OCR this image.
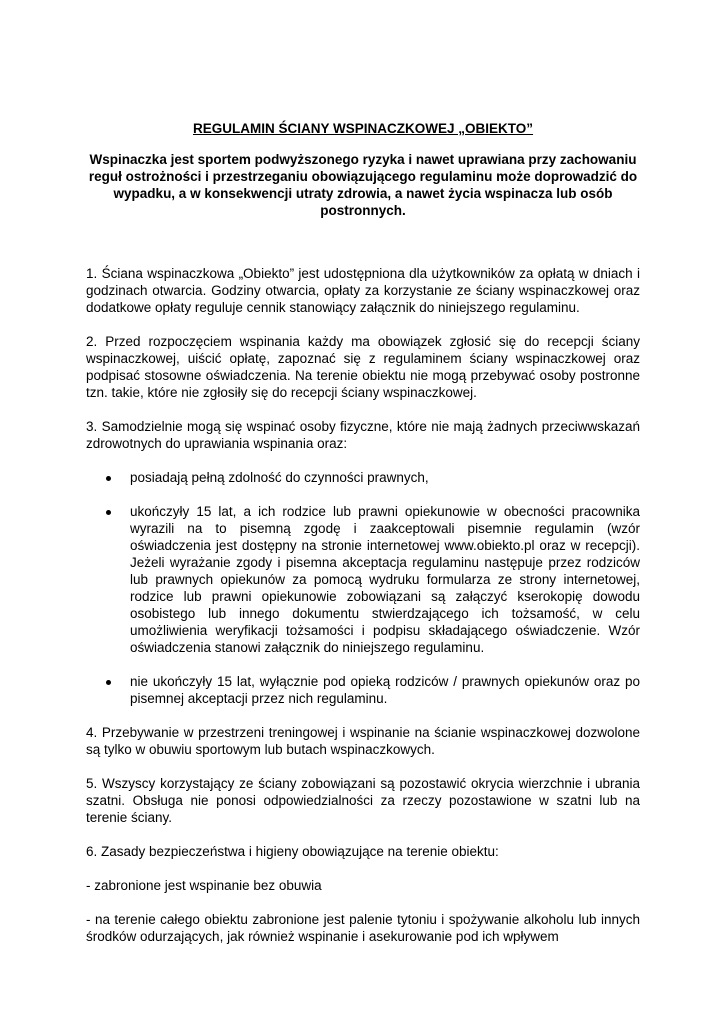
REGULAMIN ŚCIANY WSPINACZKOWEJ „OBIEKTO”

Wspinaczka jest sportem podwyższonego ryzyka i nawet uprawiana przy zachowaniu reguł ostrożności i przestrzeganiu obowiązującego regulaminu może doprowadzić do wypadku, a w konsekwencji utraty zdrowia, a nawet życia wspinacza lub osób postronnych.

1. Ściana wspinaczkowa „Obiekto” jest udostępniona dla użytkowników za opłatą w dniach i godzinach otwarcia. Godziny otwarcia, opłaty za korzystanie ze ściany wspinaczkowej oraz dodatkowe opłaty reguluje cennik stanowiący załącznik do niniejszego regulaminu.

2. Przed rozpoczęciem wspinania każdy ma obowiązek zgłosić się do recepcji ściany wspinaczkowej, uiścić opłatę, zapoznać się z regulaminem ściany wspinaczkowej oraz podpisać stosowne oświadczenia. Na terenie obiektu nie mogą przebywać osoby postronne tzn. takie, które nie zgłosiły się do recepcji ściany wspinaczkowej.

3. Samodzielnie mogą się wspinać osoby fizyczne, które nie mają żadnych przeciwwskazań zdrowotnych do uprawiania wspinania oraz:

posiadają pełną zdolność do czynności prawnych,
ukończyły 15 lat, a ich rodzice lub prawni opiekunowie w obecności pracownika wyrazili na to pisemną zgodę i zaakceptowali pisemnie regulamin (wzór oświadczenia jest dostępny na stronie internetowej www.obiekto.pl oraz w recepcji). Jeżeli wyrażanie zgody i pisemna akceptacja regulaminu następuje przez rodziców lub prawnych opiekunów za pomocą wydruku formularza ze strony internetowej, rodzice lub prawni opiekunowie zobowiązani są załączyć kserokopię dowodu osobistego lub innego dokumentu stwierdzającego ich tożsamość, w celu umożliwienia weryfikacji tożsamości i podpisu składającego oświadczenie. Wzór oświadczenia stanowi załącznik do niniejszego regulaminu.
nie ukończyły 15 lat, wyłącznie pod opieką rodziców / prawnych opiekunów oraz po pisemnej akceptacji przez nich regulaminu.

4. Przebywanie w przestrzeni treningowej i wspinanie na ścianie wspinaczkowej dozwolone są tylko w obuwiu sportowym lub butach wspinaczkowych.

5. Wszyscy korzystający ze ściany zobowiązani są pozostawić okrycia wierzchnie i ubrania szatni. Obsługa nie ponosi odpowiedzialności za rzeczy pozostawione w szatni lub na terenie ściany.

6. Zasady bezpieczeństwa i higieny obowiązujące na terenie obiektu:

- zabronione jest wspinanie bez obuwia

- na terenie całego obiektu zabronione jest palenie tytoniu i spożywanie alkoholu lub innych środków odurzających, jak również wspinanie i asekurowanie pod ich wpływem
